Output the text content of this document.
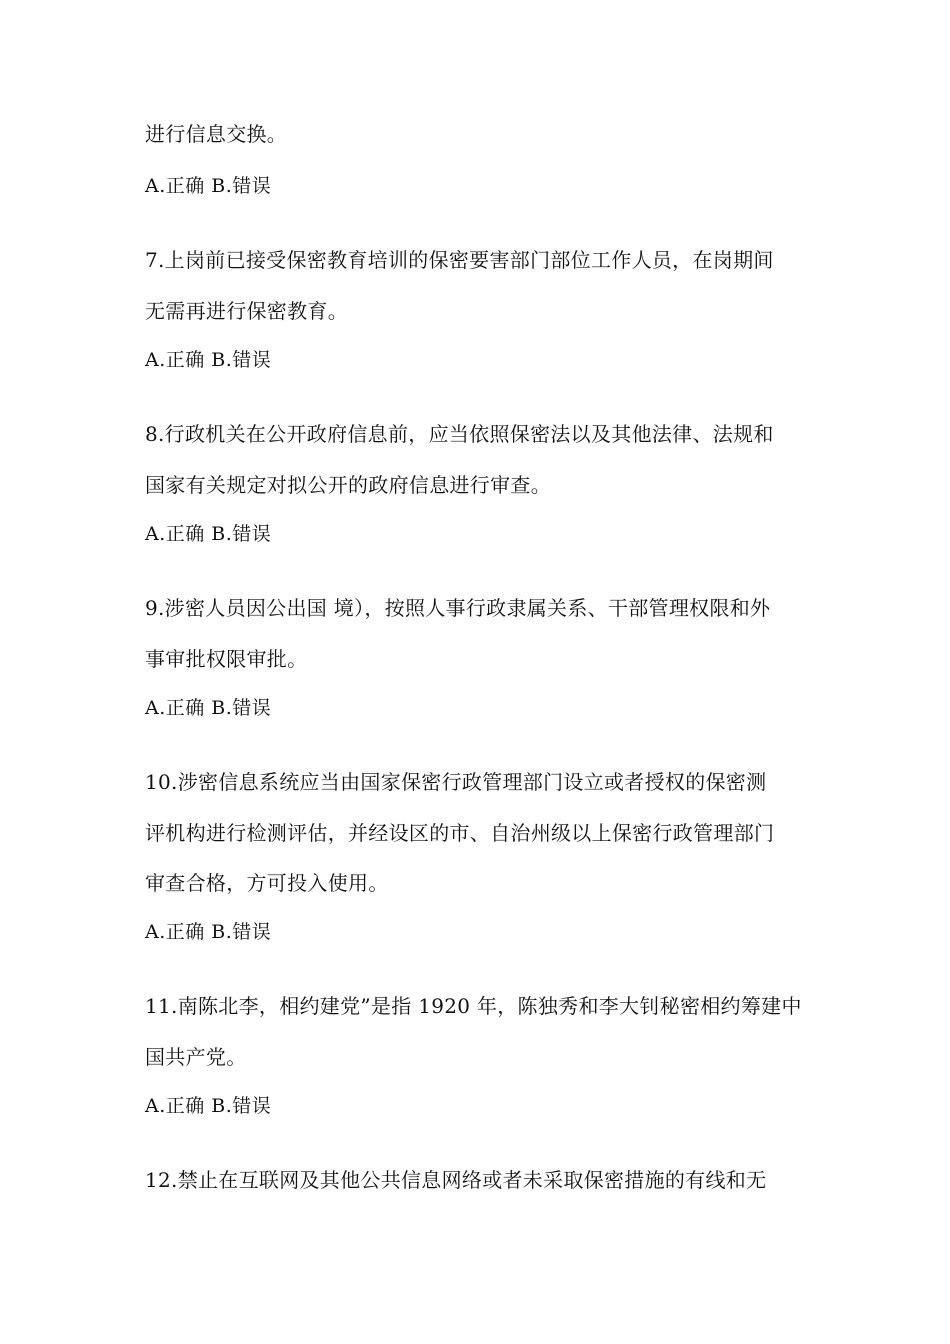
进行信息交换。
A.正确 B.错误
7.上岗前已接受保密教育培训的保密要害部门部位工作人员，在岗期间
无需再进行保密教育。
A.正确 B.错误
8.行政机关在公开政府信息前，应当依照保密法以及其他法律、法规和
国家有关规定对拟公开的政府信息进行审查。
A.正确 B.错误
9.涉密人员因公出国 境），按照人事行政隶属关系、干部管理权限和外
事审批权限审批。
A.正确 B.错误
10.涉密信息系统应当由国家保密行政管理部门设立或者授权的保密测
评机构进行检测评估，并经设区的市、自治州级以上保密行政管理部门
审查合格，方可投入使用。
A.正确 B.错误
11.南陈北李，相约建党”是指 1920 年，陈独秀和李大钊秘密相约筹建中
国共产党。
A.正确 B.错误
12.禁止在互联网及其他公共信息网络或者未采取保密措施的有线和无
